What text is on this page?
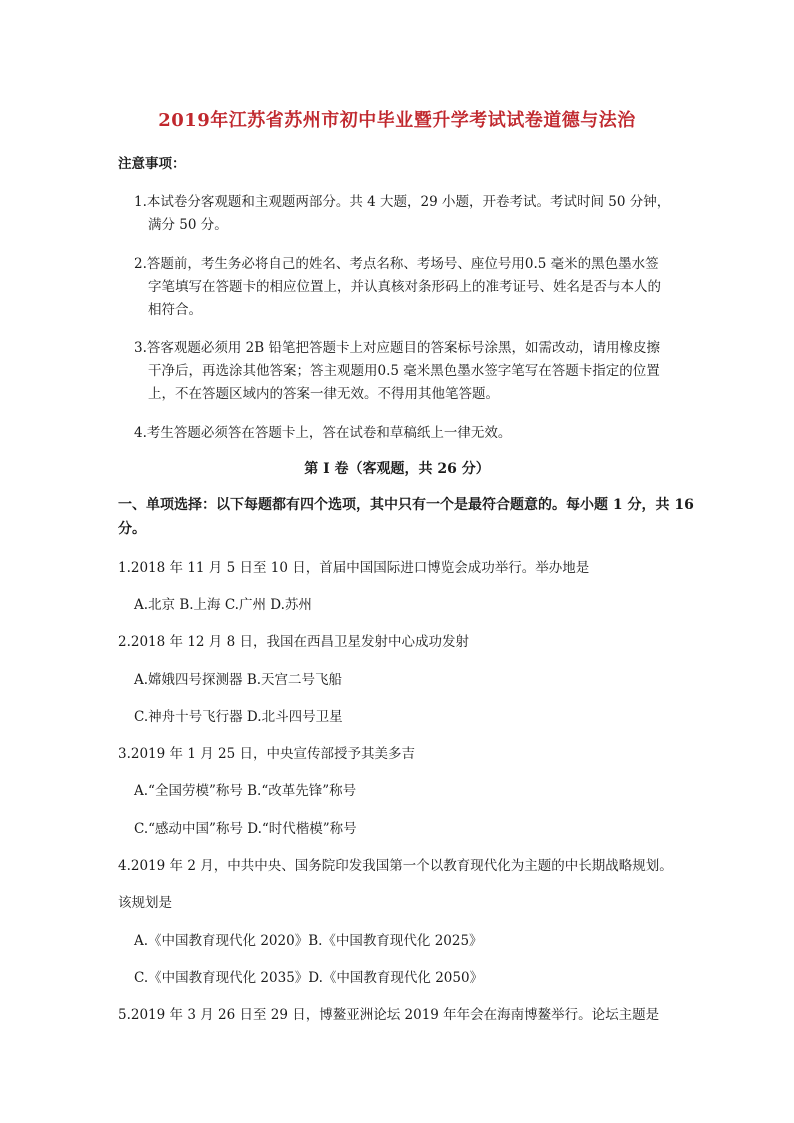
2019年江苏省苏州市初中毕业暨升学考试试卷道德与法治
注意事项：
1.本试卷分客观题和主观题两部分。共 4 大题，29 小题，开卷考试。考试时间 50 分钟，
满分 50 分。
2.答题前，考生务必将自己的姓名、考点名称、考场号、座位号用0.5 毫米的黑色墨水签
字笔填写在答题卡的相应位置上，并认真核对条形码上的准考证号、姓名是否与本人的
相符合。
3.答客观题必须用 2B 铅笔把答题卡上对应题目的答案标号涂黑，如需改动，请用橡皮擦
干净后，再选涂其他答案；答主观题用0.5 毫米黑色墨水签字笔写在答题卡指定的位置
上，不在答题区域内的答案一律无效。不得用其他笔答题。
4.考生答题必须答在答题卡上，答在试卷和草稿纸上一律无效。
第 I 卷（客观题，共 26 分）
一、单项选择：以下每题都有四个选项，其中只有一个是最符合题意的。每小题 1 分，共 16
分。
1.2018 年 11 月 5 日至 10 日，首届中国国际进口博览会成功举行。举办地是
A.北京 B.上海 C.广州 D.苏州
2.2018 年 12 月 8 日，我国在西昌卫星发射中心成功发射
A.嫦娥四号探测器 B.天宫二号飞船
C.神舟十号飞行器 D.北斗四号卫星
3.2019 年 1 月 25 日，中央宣传部授予其美多吉
A.“全国劳模”称号 B.“改革先锋”称号
C.“感动中国”称号 D.“时代楷模”称号
4.2019 年 2 月，中共中央、国务院印发我国第一个以教育现代化为主题的中长期战略规划。
该规划是
A.《中国教育现代化 2020》B.《中国教育现代化 2025》
C.《中国教育现代化 2035》D.《中国教育现代化 2050》
5.2019 年 3 月 26 日至 29 日，博鳌亚洲论坛 2019 年年会在海南博鳌举行。论坛主题是
